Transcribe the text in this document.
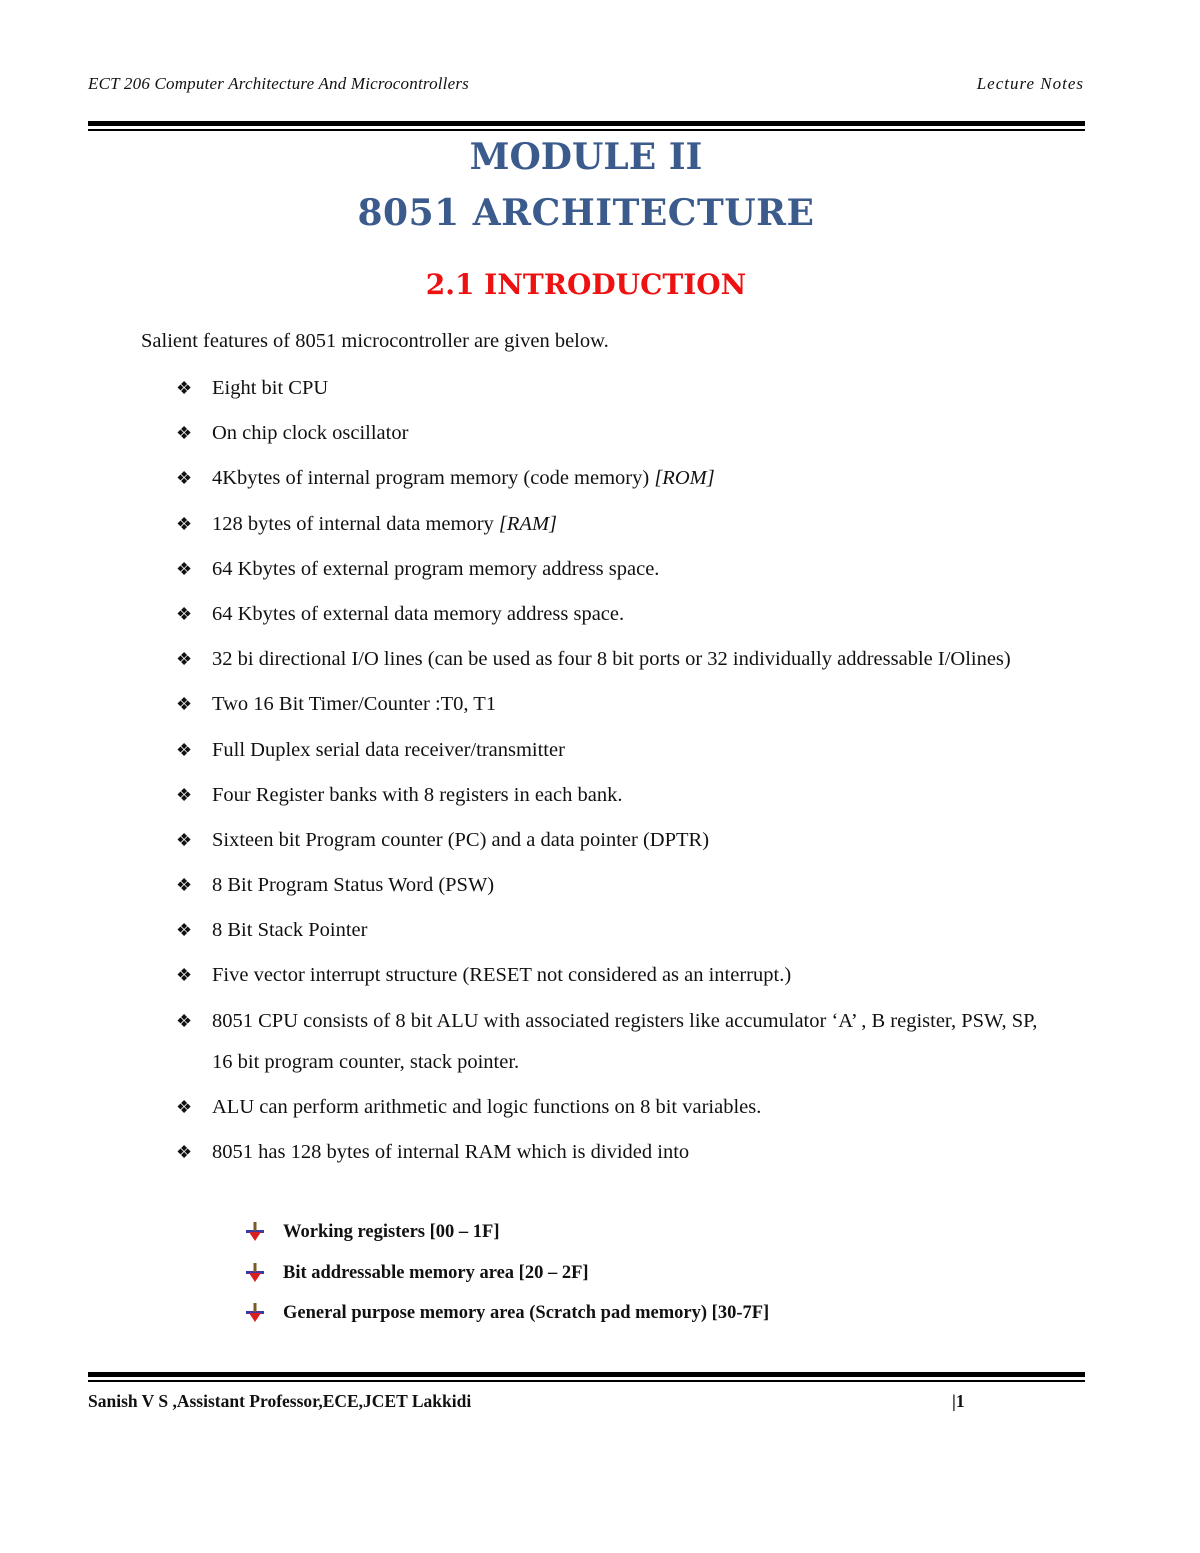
ECT 206 Computer Architecture And Microcontrollers	Lecture Notes
MODULE II
8051 ARCHITECTURE
2.1 INTRODUCTION
Salient features of 8051 microcontroller are given below.
❖ Eight bit CPU
❖ On chip clock oscillator
❖ 4Kbytes of internal program memory (code memory) [ROM]
❖ 128 bytes of internal data memory [RAM]
❖ 64 Kbytes of external program memory address space.
❖ 64 Kbytes of external data memory address space.
❖ 32 bi directional I/O lines (can be used as four 8 bit ports or 32 individually addressable I/Olines)
❖ Two 16 Bit Timer/Counter :T0, T1
❖ Full Duplex serial data receiver/transmitter
❖ Four Register banks with 8 registers in each bank.
❖ Sixteen bit Program counter (PC) and a data pointer (DPTR)
❖ 8 Bit Program Status Word (PSW)
❖ 8 Bit Stack Pointer
❖ Five vector interrupt structure (RESET not considered as an interrupt.)
❖ 8051 CPU consists of 8 bit ALU with associated registers like accumulator ‘A’ , B register, PSW, SP, 16 bit program counter, stack pointer.
❖ ALU can perform arithmetic and logic functions on 8 bit variables.
❖ 8051 has 128 bytes of internal RAM which is divided into
Working registers [00 – 1F]
Bit addressable memory area [20 – 2F]
General purpose memory area (Scratch pad memory) [30-7F]
Sanish V S ,Assistant Professor,ECE,JCET Lakkidi	|1
